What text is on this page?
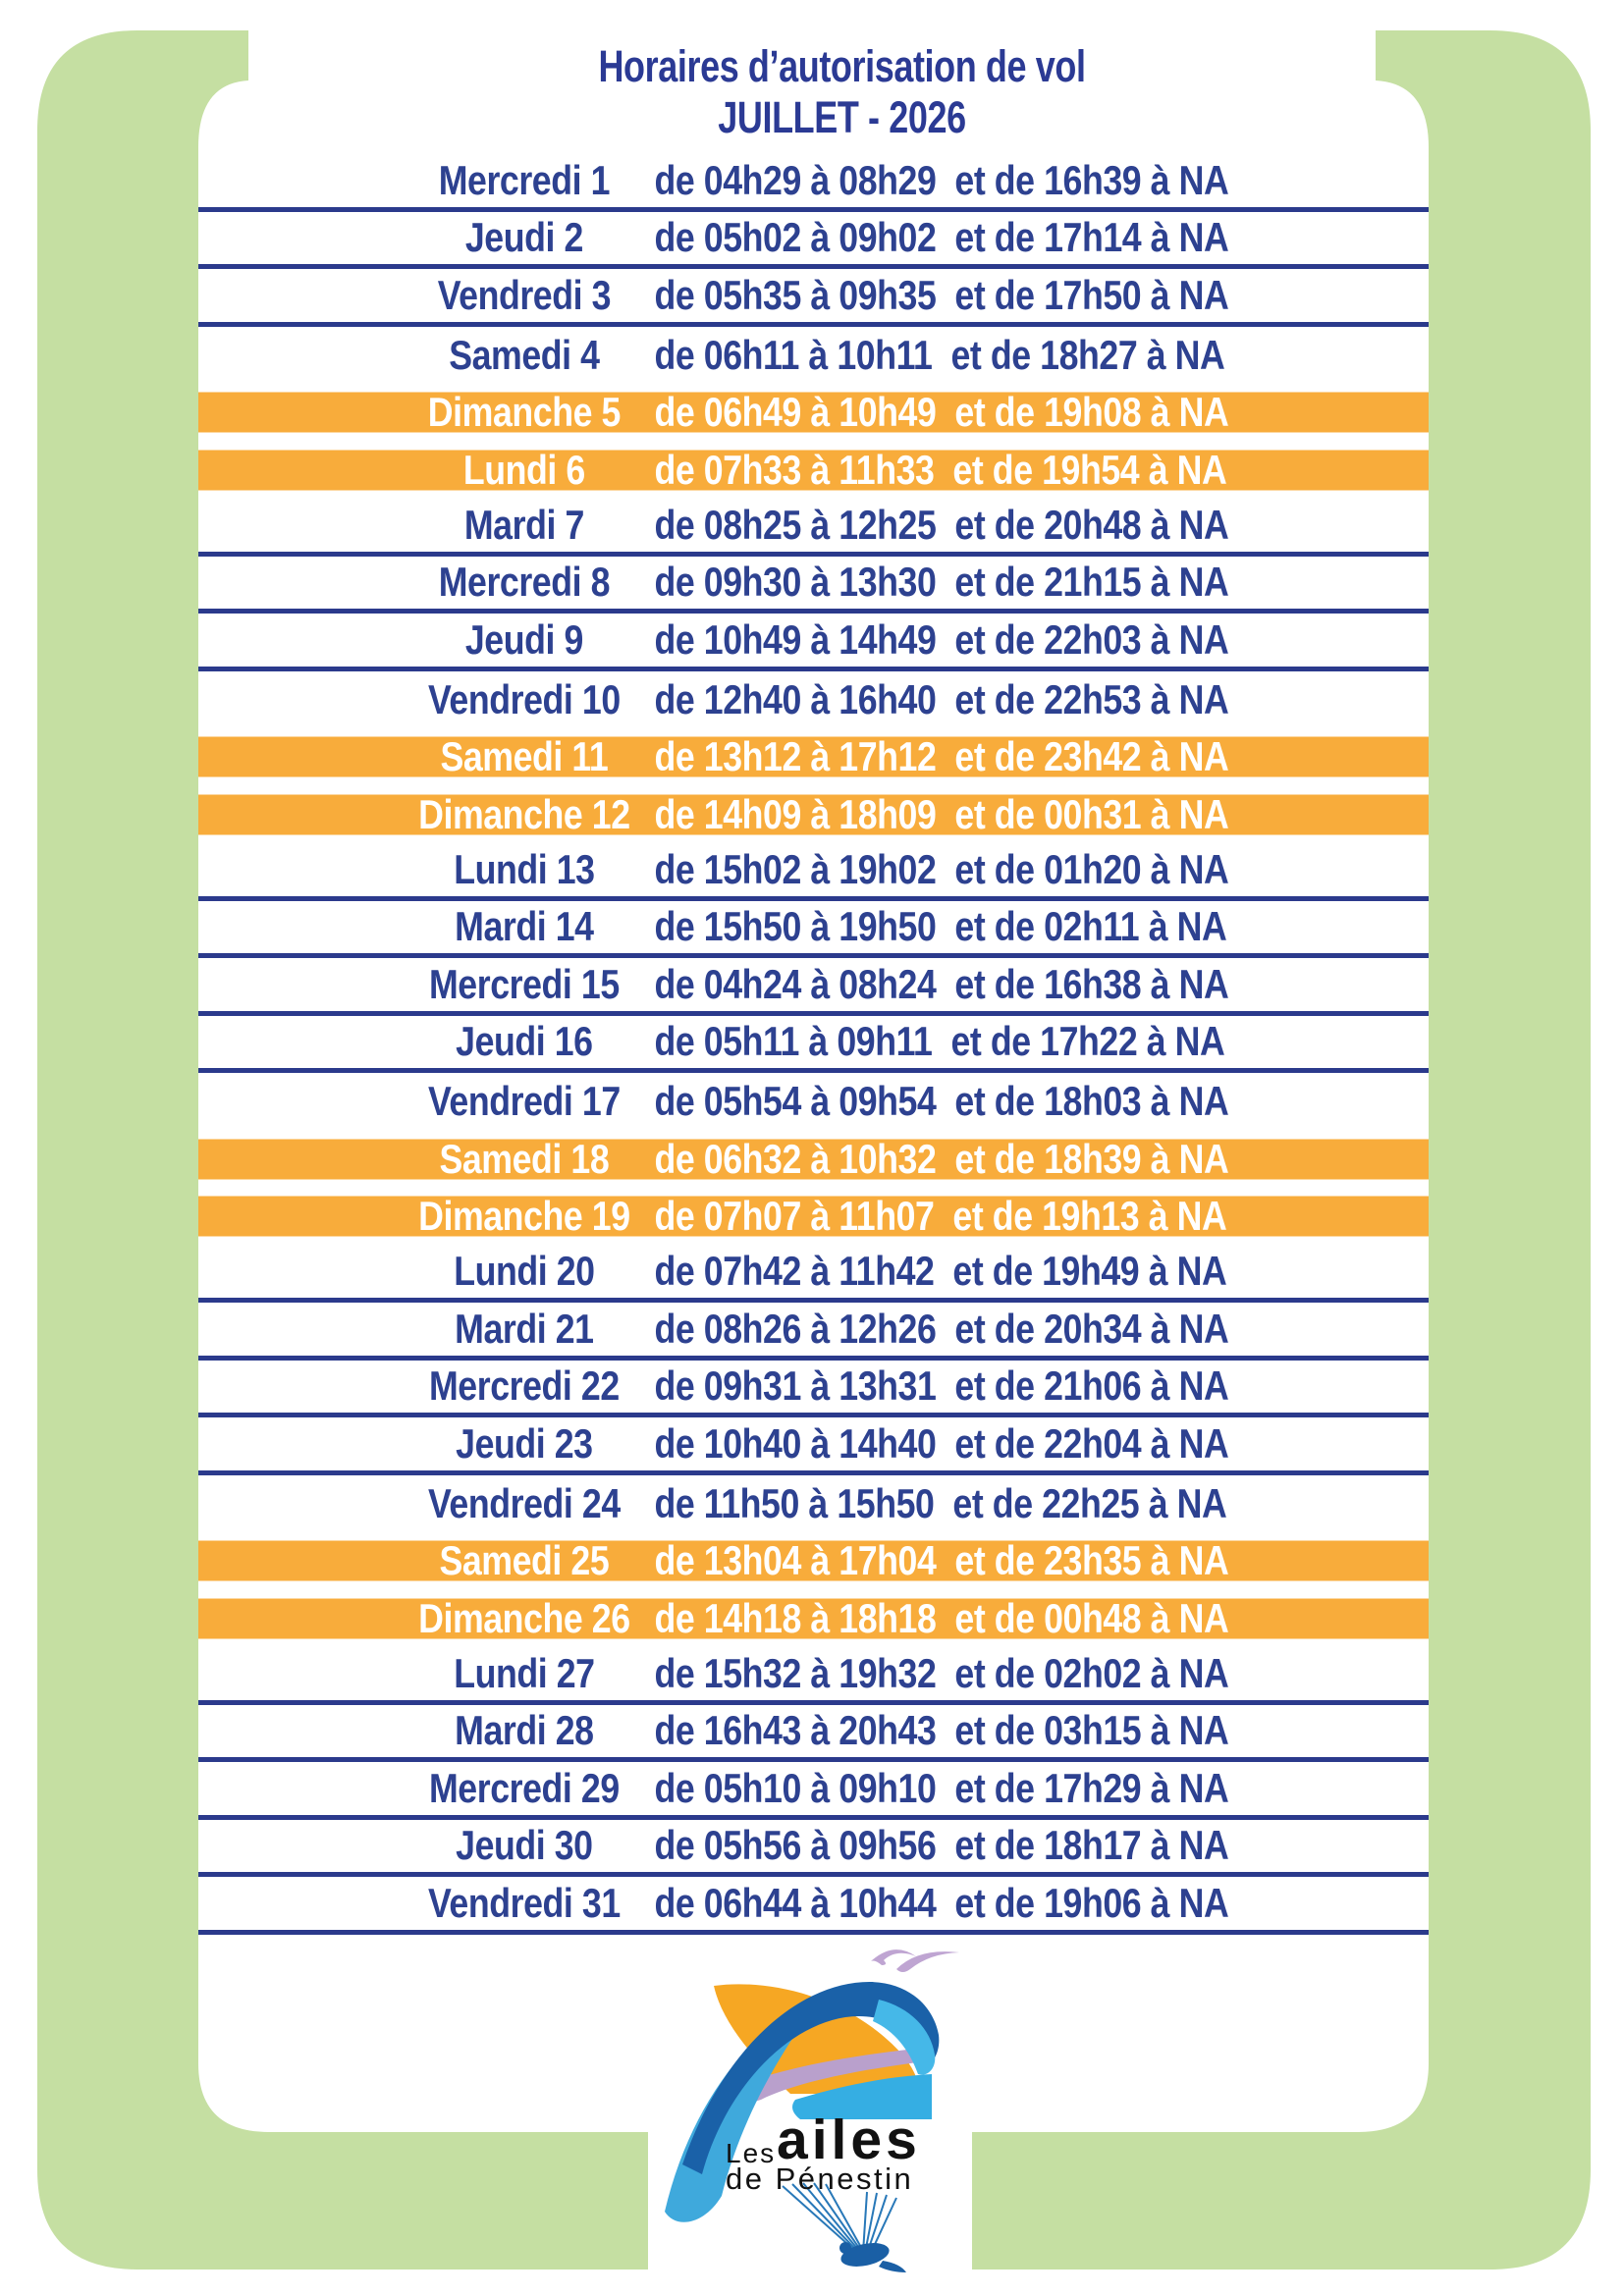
Horaires d’autorisation de vol
JUILLET - 2026
Mercredi 1	de 04h29 à 08h29  et de 16h39 à NA
Jeudi 2	de 05h02 à 09h02  et de 17h14 à NA
Vendredi 3	de 05h35 à 09h35  et de 17h50 à NA
Samedi 4	de 06h11 à 10h11  et de 18h27 à NA
Dimanche 5 de 06h49 à 10h49  et de 19h08 à NA
Lundi 6	de 07h33 à 11h33  et de 19h54 à NA
Mardi 7	de 08h25 à 12h25  et de 20h48 à NA
Mercredi 8	de 09h30 à 13h30  et de 21h15 à NA
Jeudi 9	de 10h49 à 14h49  et de 22h03 à NA
Vendredi 10 de 12h40 à 16h40  et de 22h53 à NA
Samedi 11	de 13h12 à 17h12  et de 23h42 à NA
Dimanche 12 de 14h09 à 18h09  et de 00h31 à NA
Lundi 13	de 15h02 à 19h02  et de 01h20 à NA
Mardi 14	de 15h50 à 19h50  et de 02h11 à NA
Mercredi 15 de 04h24 à 08h24  et de 16h38 à NA
Jeudi 16	de 05h11 à 09h11  et de 17h22 à NA
Vendredi 17 de 05h54 à 09h54  et de 18h03 à NA
Samedi 18	de 06h32 à 10h32  et de 18h39 à NA
Dimanche 19 de 07h07 à 11h07  et de 19h13 à NA
Lundi 20	de 07h42 à 11h42  et de 19h49 à NA
Mardi 21	de 08h26 à 12h26  et de 20h34 à NA
Mercredi 22 de 09h31 à 13h31  et de 21h06 à NA
Jeudi 23	de 10h40 à 14h40  et de 22h04 à NA
Vendredi 24 de 11h50 à 15h50  et de 22h25 à NA
Samedi 25	de 13h04 à 17h04  et de 23h35 à NA
Dimanche 26 de 14h18 à 18h18  et de 00h48 à NA
Lundi 27	de 15h32 à 19h32  et de 02h02 à NA
Mardi 28	de 16h43 à 20h43  et de 03h15 à NA
Mercredi 29 de 05h10 à 09h10  et de 17h29 à NA
Jeudi 30	de 05h56 à 09h56  et de 18h17 à NA
Vendredi 31 de 06h44 à 10h44  et de 19h06 à NA
Les ailes
de Pénestin
